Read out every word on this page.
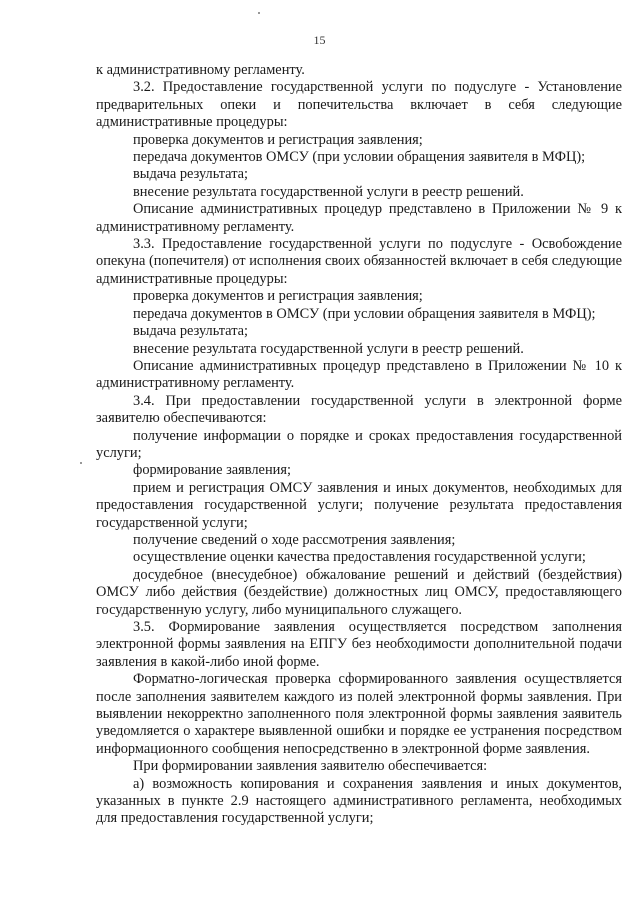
15

к административному регламенту.

3.2. Предоставление государственной услуги по подуслуге - Установление предварительных опеки и попечительства включает в себя следующие административные процедуры:

проверка документов и регистрация заявления;

передача документов ОМСУ (при условии обращения заявителя в МФЦ);

выдача результата;

внесение результата государственной услуги в реестр решений.

Описание административных процедур представлено в Приложении № 9 к административному регламенту.

3.3. Предоставление государственной услуги по подуслуге - Освобождение опекуна (попечителя) от исполнения своих обязанностей включает в себя следующие административные процедуры:

проверка документов и регистрация заявления;

передача документов в ОМСУ (при условии обращения заявителя в МФЦ);

выдача результата;

внесение результата государственной услуги в реестр решений.

Описание административных процедур представлено в Приложении № 10 к административному регламенту.

3.4. При предоставлении государственной услуги в электронной форме заявителю обеспечиваются:

получение информации о порядке и сроках предоставления государственной услуги;

формирование заявления;

прием и регистрация ОМСУ заявления и иных документов, необходимых для предоставления государственной услуги; получение результата предоставления государственной услуги;

получение сведений о ходе рассмотрения заявления;

осуществление оценки качества предоставления государственной услуги;

досудебное (внесудебное) обжалование решений и действий (бездействия) ОМСУ либо действия (бездействие) должностных лиц ОМСУ, предоставляющего государственную услугу, либо муниципального служащего.

3.5. Формирование заявления осуществляется посредством заполнения электронной формы заявления на ЕПГУ без необходимости дополнительной подачи заявления в какой-либо иной форме.

Форматно-логическая проверка сформированного заявления осуществляется после заполнения заявителем каждого из полей электронной формы заявления. При выявлении некорректно заполненного поля электронной формы заявления заявитель уведомляется о характере выявленной ошибки и порядке ее устранения посредством информационного сообщения непосредственно в электронной форме заявления.

При формировании заявления заявителю обеспечивается:

а) возможность копирования и сохранения заявления и иных документов, указанных в пункте 2.9 настоящего административного регламента, необходимых для предоставления государственной услуги;
